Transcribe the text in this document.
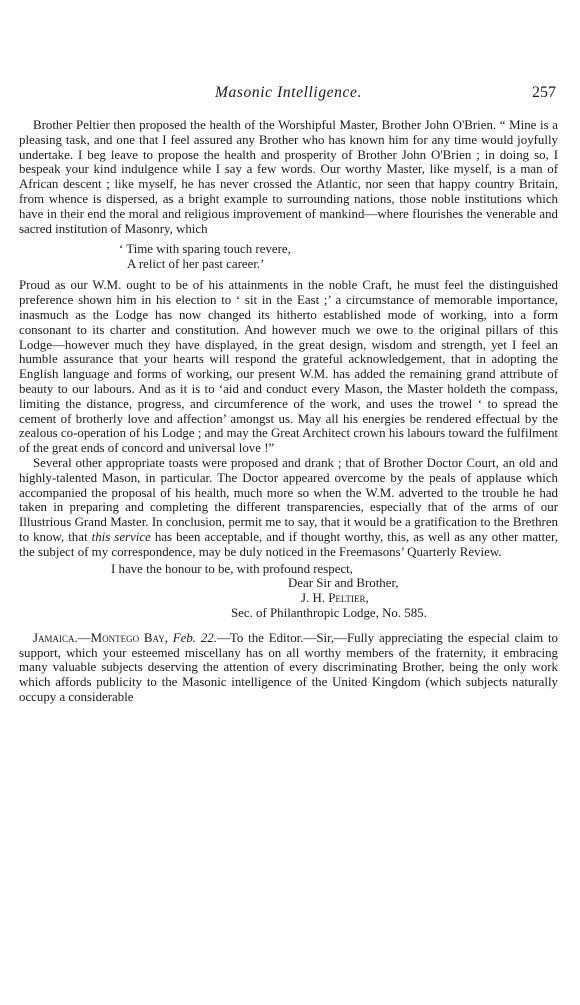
Masonic Intelligence.	257

Brother Peltier then proposed the health of the Worshipful Master, Brother John O'Brien. “ Mine is a pleasing task, and one that I feel assured any Brother who has known him for any time would joyfully undertake. I beg leave to propose the health and prosperity of Brother John O'Brien ; in doing so, I bespeak your kind indulgence while I say a few words. Our worthy Master, like myself, is a man of African descent ; like myself, he has never crossed the Atlantic, nor seen that happy country Britain, from whence is dispersed, as a bright example to surrounding nations, those noble institutions which have in their end the moral and religious improvement of mankind—where flourishes the venerable and sacred institution of Masonry, which

‘ Time with sparing touch revere,
A relict of her past career.’

Proud as our W.M. ought to be of his attainments in the noble Craft, he must feel the distinguished preference shown him in his election to ‘ sit in the East ;’ a circumstance of memorable importance, inasmuch as the Lodge has now changed its hitherto established mode of working, into a form consonant to its charter and constitution. And however much we owe to the original pillars of this Lodge—however much they have displayed, in the great design, wisdom and strength, yet I feel an humble assurance that your hearts will respond the grateful acknowledgement, that in adopting the English language and forms of working, our present W.M. has added the remaining grand attribute of beauty to our labours. And as it is to ‘aid and conduct every Mason, the Master holdeth the compass, limiting the distance, progress, and circumference of the work, and uses the trowel ‘ to spread the cement of brotherly love and affection’ amongst us. May all his energies be rendered effectual by the zealous co-operation of his Lodge ; and may the Great Architect crown his labours toward the fulfilment of the great ends of concord and universal love !”

Several other appropriate toasts were proposed and drank ; that of Brother Doctor Court, an old and highly-talented Mason, in particular. The Doctor appeared overcome by the peals of applause which accompanied the proposal of his health, much more so when the W.M. adverted to the trouble he had taken in preparing and completing the different transparencies, especially that of the arms of our Illustrious Grand Master. In conclusion, permit me to say, that it would be a gratification to the Brethren to know, that this service has been acceptable, and if thought worthy, this, as well as any other matter, the subject of my correspondence, may be duly noticed in the Freemasons’ Quarterly Review.

I have the honour to be, with profound respect,
Dear Sir and Brother,
J. H. Peltier,
Sec. of Philanthropic Lodge, No. 585.

Jamaica.—Montego Bay, Feb. 22.—To the Editor.—Sir,—Fully appreciating the especial claim to support, which your esteemed miscellany has on all worthy members of the fraternity, it embracing many valuable subjects deserving the attention of every discriminating Brother, being the only work which affords publicity to the Masonic intelligence of the United Kingdom (which subjects naturally occupy a considerable
